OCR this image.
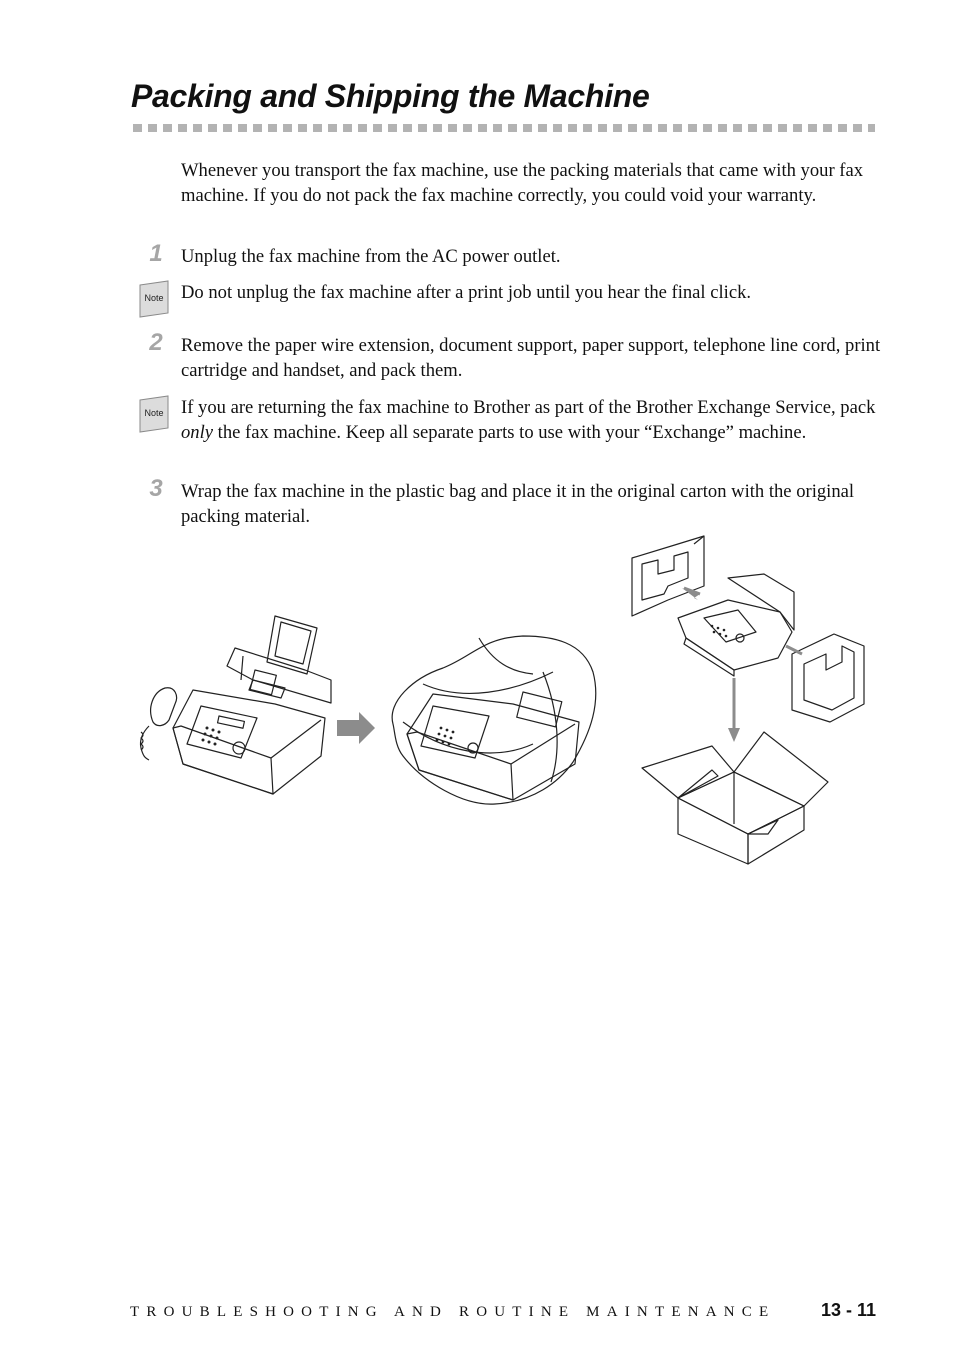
Packing and Shipping the Machine

Whenever you transport the fax machine, use the packing materials that came with your fax machine. If you do not pack the fax machine correctly, you could void your warranty.

1 Unplug the fax machine from the AC power outlet.

Note Do not unplug the fax machine after a print job until you hear the final click.

2 Remove the paper wire extension, document support, paper support, telephone line cord, print cartridge and handset, and pack them.

Note If you are returning the fax machine to Brother as part of the Brother Exchange Service, pack only the fax machine. Keep all separate parts to use with your “Exchange” machine.

3 Wrap the fax machine in the plastic bag and place it in the original carton with the original packing material.

TROUBLESHOOTING AND ROUTINE MAINTENANCE	13 - 11
